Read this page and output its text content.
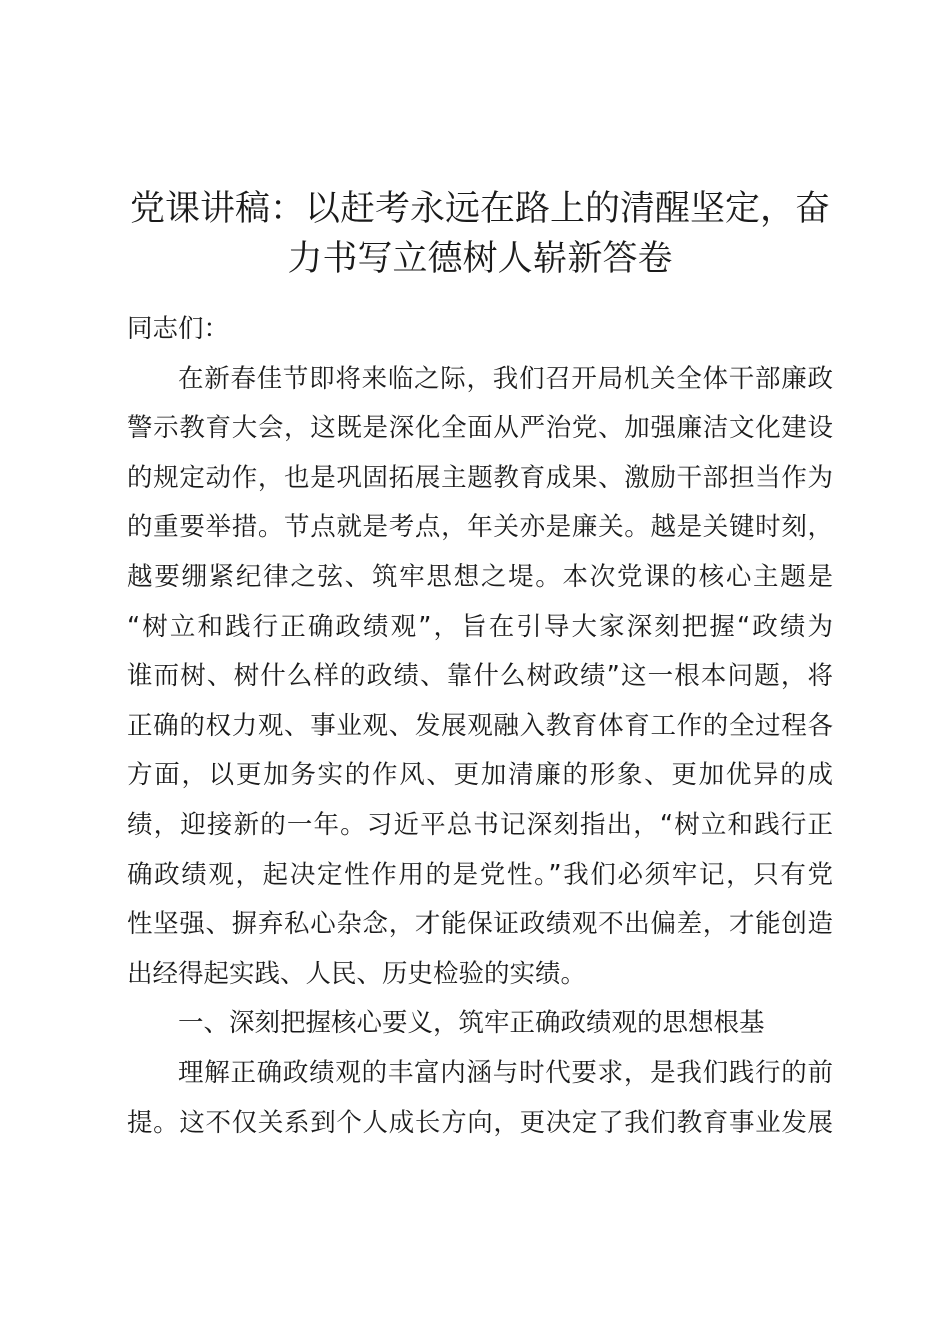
党课讲稿：以赶考永远在路上的清醒坚定，奋
力书写立德树人崭新答卷
同志们：
在新春佳节即将来临之际，我们召开局机关全体干部廉政
警示教育大会，这既是深化全面从严治党、加强廉洁文化建设
的规定动作，也是巩固拓展主题教育成果、激励干部担当作为
的重要举措。节点就是考点，年关亦是廉关。越是关键时刻，
越要绷紧纪律之弦、筑牢思想之堤。本次党课的核心主题是
“树立和践行正确政绩观”，旨在引导大家深刻把握“政绩为
谁而树、树什么样的政绩、靠什么树政绩”这一根本问题，将
正确的权力观、事业观、发展观融入教育体育工作的全过程各
方面，以更加务实的作风、更加清廉的形象、更加优异的成
绩，迎接新的一年。习近平总书记深刻指出，“树立和践行正
确政绩观，起决定性作用的是党性。”我们必须牢记，只有党
性坚强、摒弃私心杂念，才能保证政绩观不出偏差，才能创造
出经得起实践、人民、历史检验的实绩。
一、深刻把握核心要义，筑牢正确政绩观的思想根基
理解正确政绩观的丰富内涵与时代要求，是我们践行的前
提。这不仅关系到个人成长方向，更决定了我们教育事业发展
